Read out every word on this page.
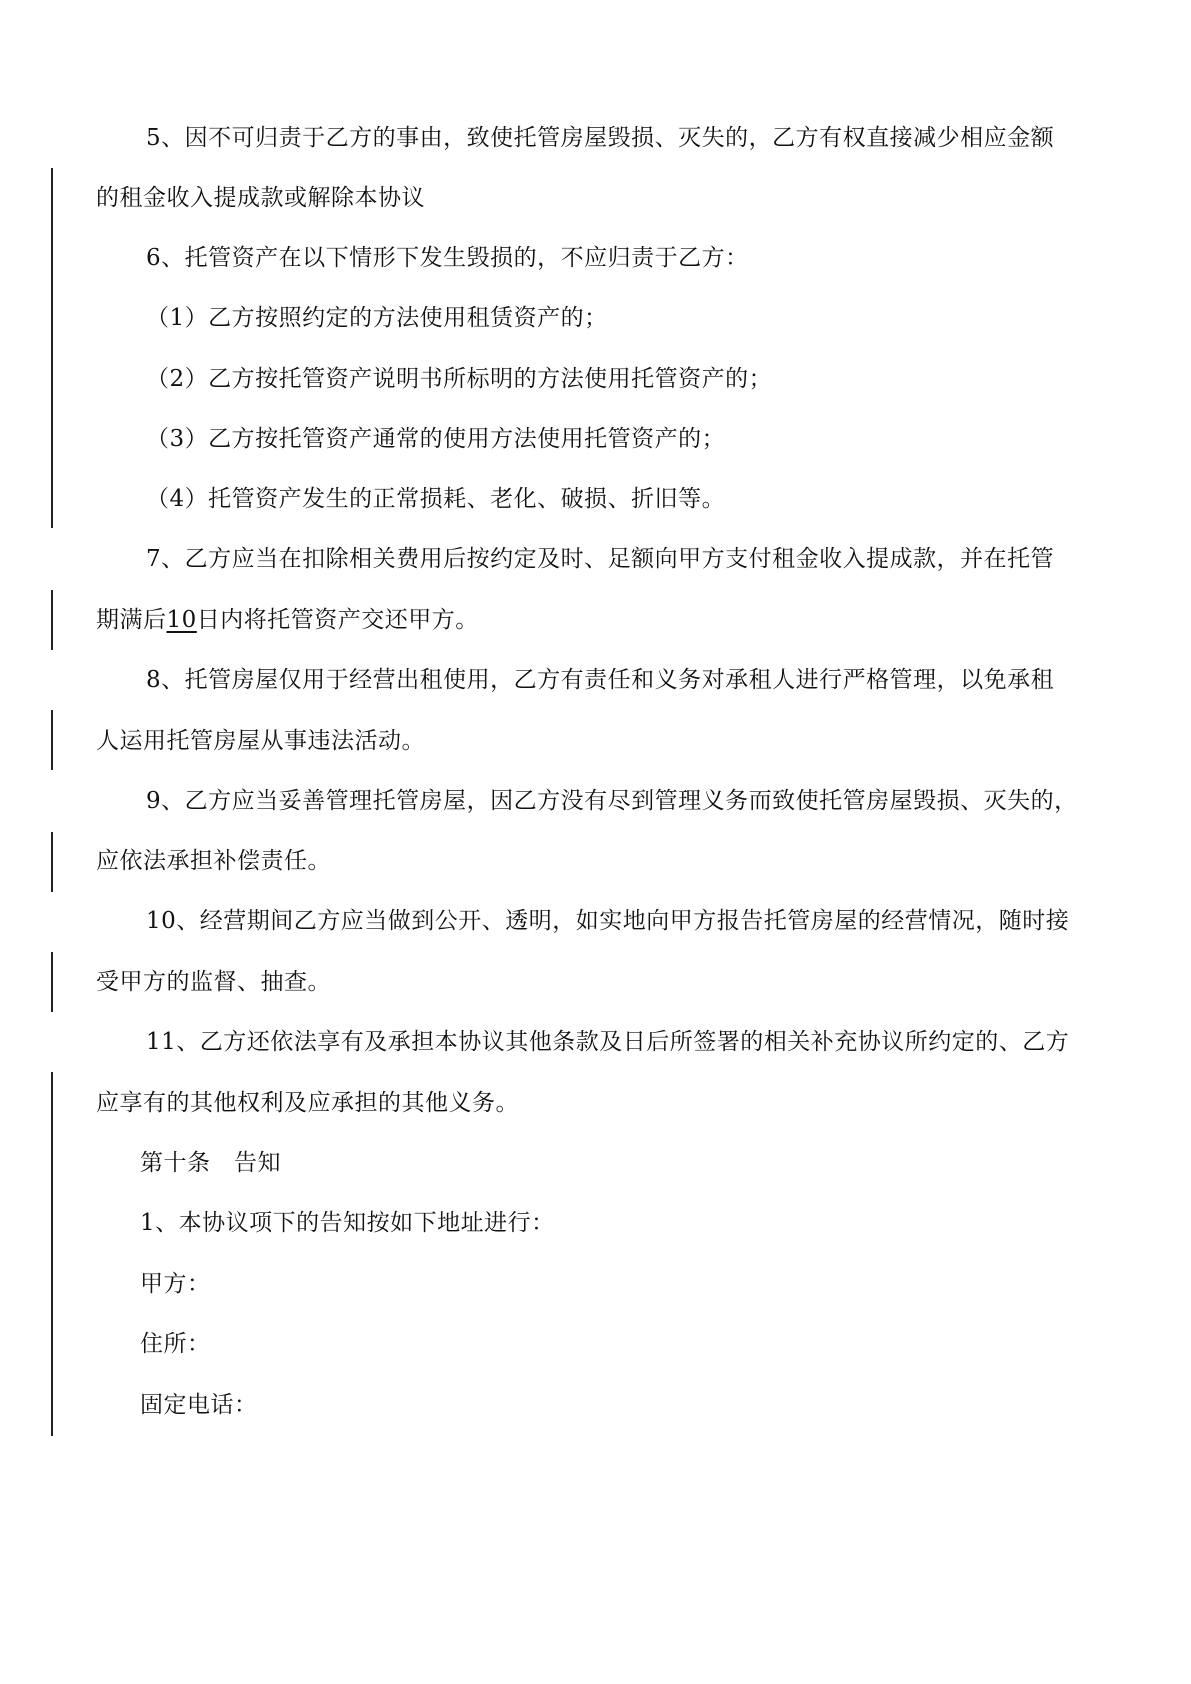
5、因不可归责于乙方的事由，致使托管房屋毁损、灭失的，乙方有权直接减少相应金额
的租金收入提成款或解除本协议
6、托管资产在以下情形下发生毁损的，不应归责于乙方：
（1）乙方按照约定的方法使用租赁资产的；
（2）乙方按托管资产说明书所标明的方法使用托管资产的；
（3）乙方按托管资产通常的使用方法使用托管资产的；
（4）托管资产发生的正常损耗、老化、破损、折旧等。
7、乙方应当在扣除相关费用后按约定及时、足额向甲方支付租金收入提成款，并在托管
期满后10日内将托管资产交还甲方。
8、托管房屋仅用于经营出租使用，乙方有责任和义务对承租人进行严格管理，以免承租
人运用托管房屋从事违法活动。
9、乙方应当妥善管理托管房屋，因乙方没有尽到管理义务而致使托管房屋毁损、灭失的，
应依法承担补偿责任。
10、经营期间乙方应当做到公开、透明，如实地向甲方报告托管房屋的经营情况，随时接
受甲方的监督、抽查。
11、乙方还依法享有及承担本协议其他条款及日后所签署的相关补充协议所约定的、乙方
应享有的其他权利及应承担的其他义务。
第十条　告知
1、本协议项下的告知按如下地址进行：
甲方：
住所：
固定电话：
